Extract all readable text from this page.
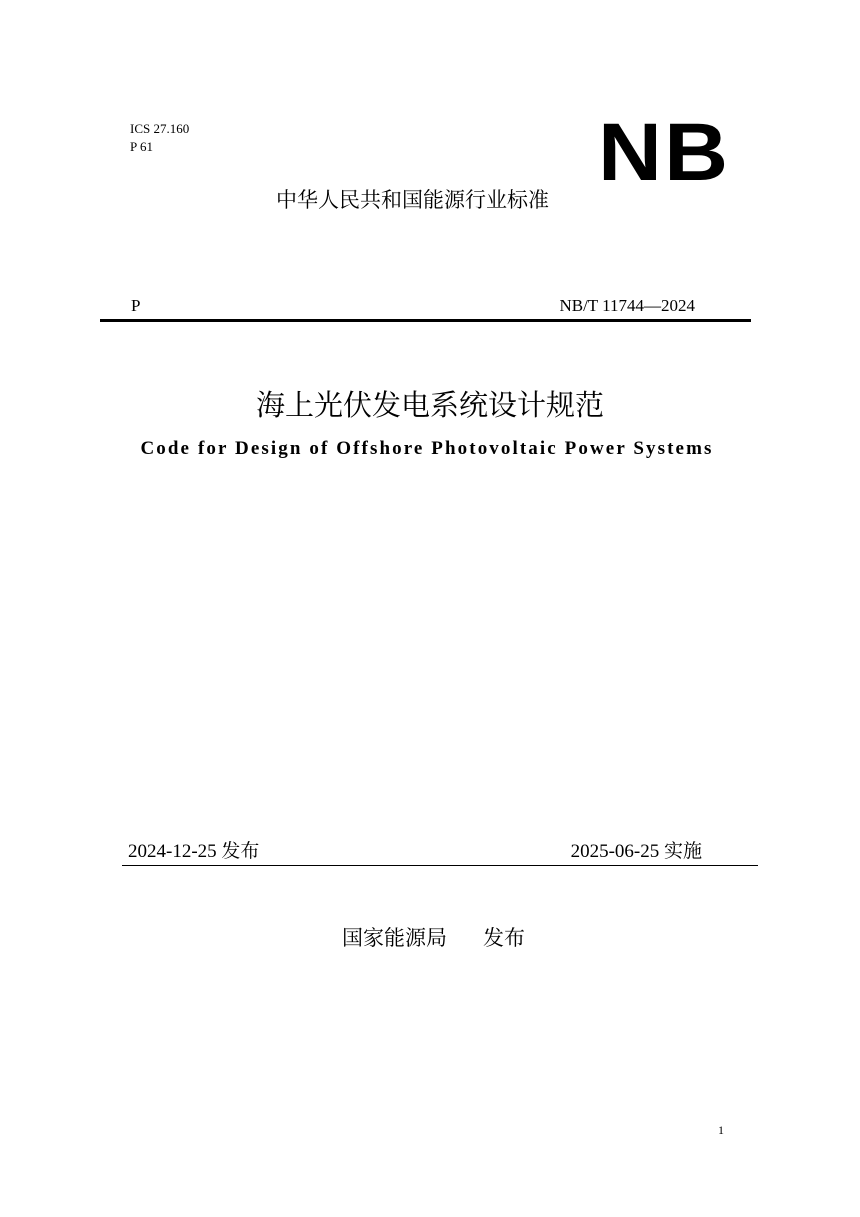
ICS 27.160
P 61	NB
中华人民共和国能源行业标准
P	NB/T 11744—2024
海上光伏发电系统设计规范
Code for Design of Offshore Photovoltaic Power Systems
2024-12-25 发布	2025-06-25 实施
国家能源局 发布
1
